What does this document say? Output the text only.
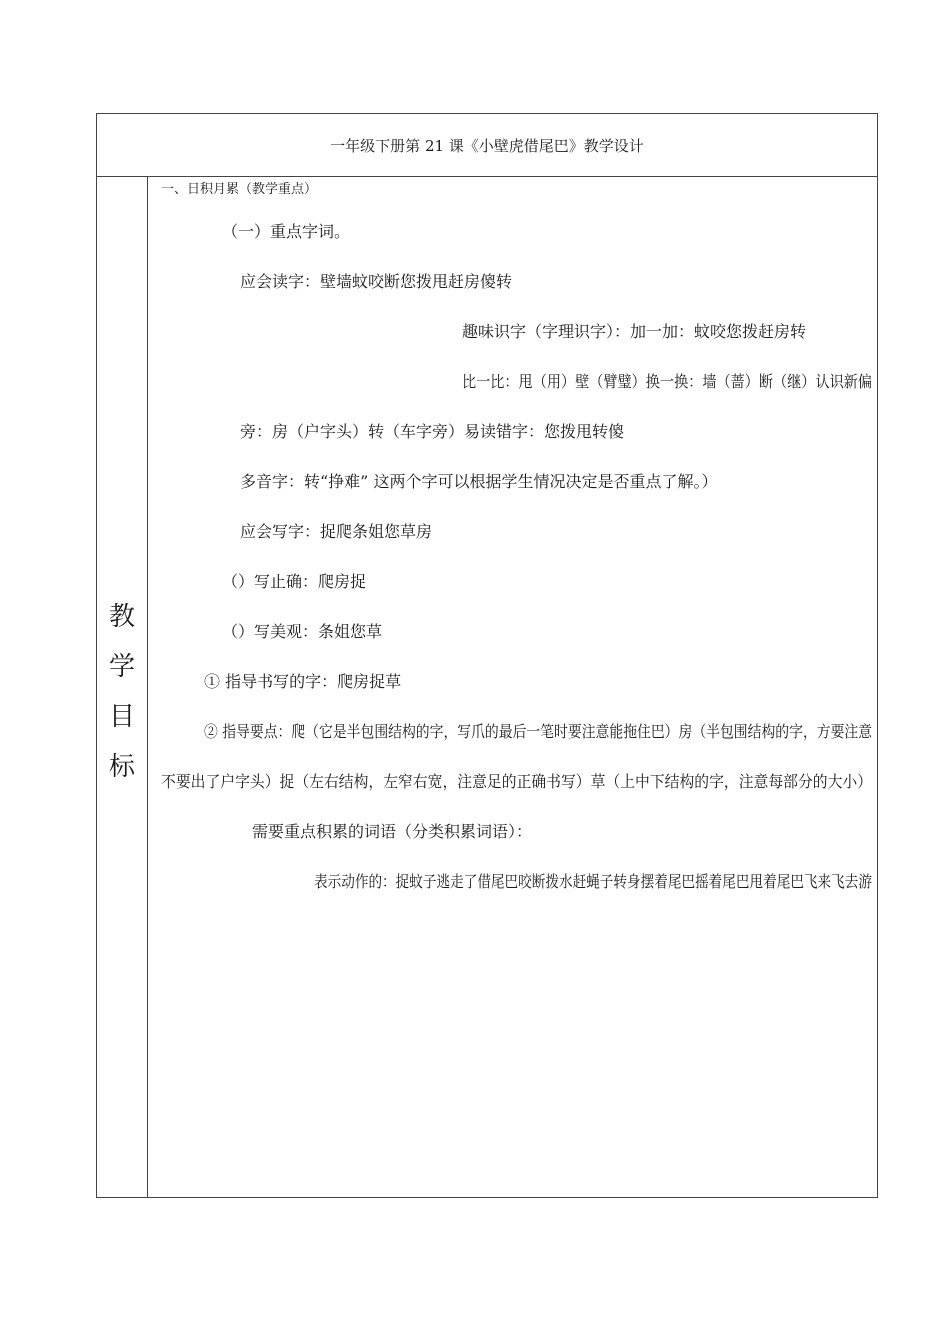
一年级下册第 21 课《小壁虎借尾巴》教学设计
教
学
目
标
一、日积月累（教学重点）
（一）重点字词。
应会读字：壁墙蚊咬断您拨甩赶房傻转
趣味识字（字理识字）：加一加：蚊咬您拨赶房转
比一比：甩（用）壁（臂璧）换一换：墙（蔷）断（继）认识新偏
旁：房（户字头）转（车字旁）易读错字：您拨甩转傻
多音字：转“挣难” 这两个字可以根据学生情况决定是否重点了解。）
应会写字：捉爬条姐您草房
（）写止确：爬房捉
（）写美观：条姐您草
① 指导书写的字：爬房捉草
② 指导要点：爬（它是半包围结构的字，写爪的最后一笔时要注意能拖住巴）房（半包围结构的字，方要注意
不要出了户字头）捉（左右结构，左窄右宽，注意足的正确书写）草（上中下结构的字，注意每部分的大小）
需要重点积累的词语（分类积累词语）：
表示动作的：捉蚊子逃走了借尾巴咬断拨水赶蝇子转身摆着尾巴摇着尾巴甩着尾巴飞来飞去游
